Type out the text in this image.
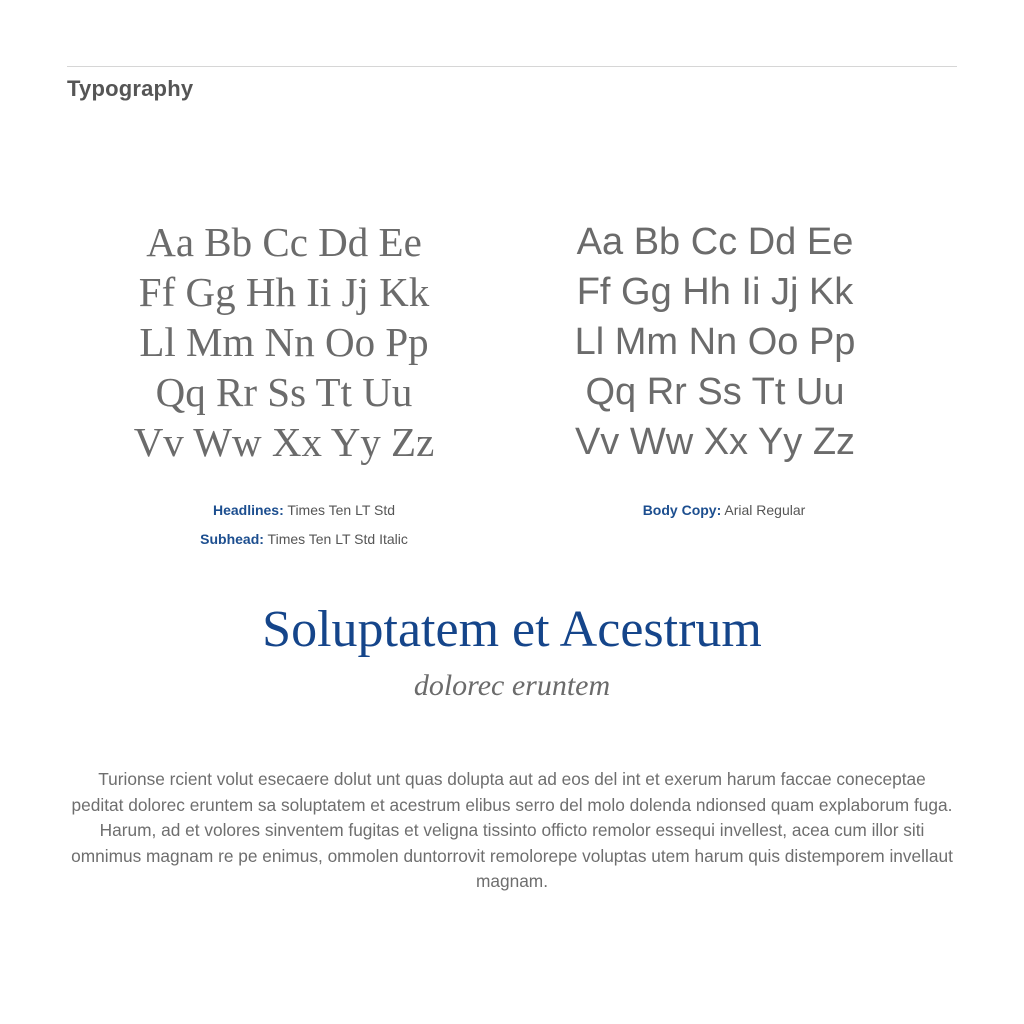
Typography
Aa Bb Cc Dd Ee
Ff Gg Hh Ii Jj Kk
Ll Mm Nn Oo Pp
Qq Rr Ss Tt Uu
Vv Ww Xx Yy Zz
Aa Bb Cc Dd Ee
Ff Gg Hh Ii Jj Kk
Ll Mm Nn Oo Pp
Qq Rr Ss Tt Uu
Vv Ww Xx Yy Zz
Headlines: Times Ten LT Std
Subhead: Times Ten LT Std Italic
Body Copy: Arial Regular
Soluptatem et Acestrum
dolorec eruntem

Turionse rcient volut esecaere dolut unt quas dolupta aut ad eos del int et exerum harum faccae coneceptae peditat dolorec eruntem sa soluptatem et acestrum elibus serro del molo dolenda ndionsed quam explaborum fuga. Harum, ad et volores sinventem fugitas et veligna tissinto officto remolor essequi invellest, acea cum illor siti omnimus magnam re pe enimus, ommolen duntorrovit remolorepe voluptas utem harum quis distemporem invellaut magnam.
